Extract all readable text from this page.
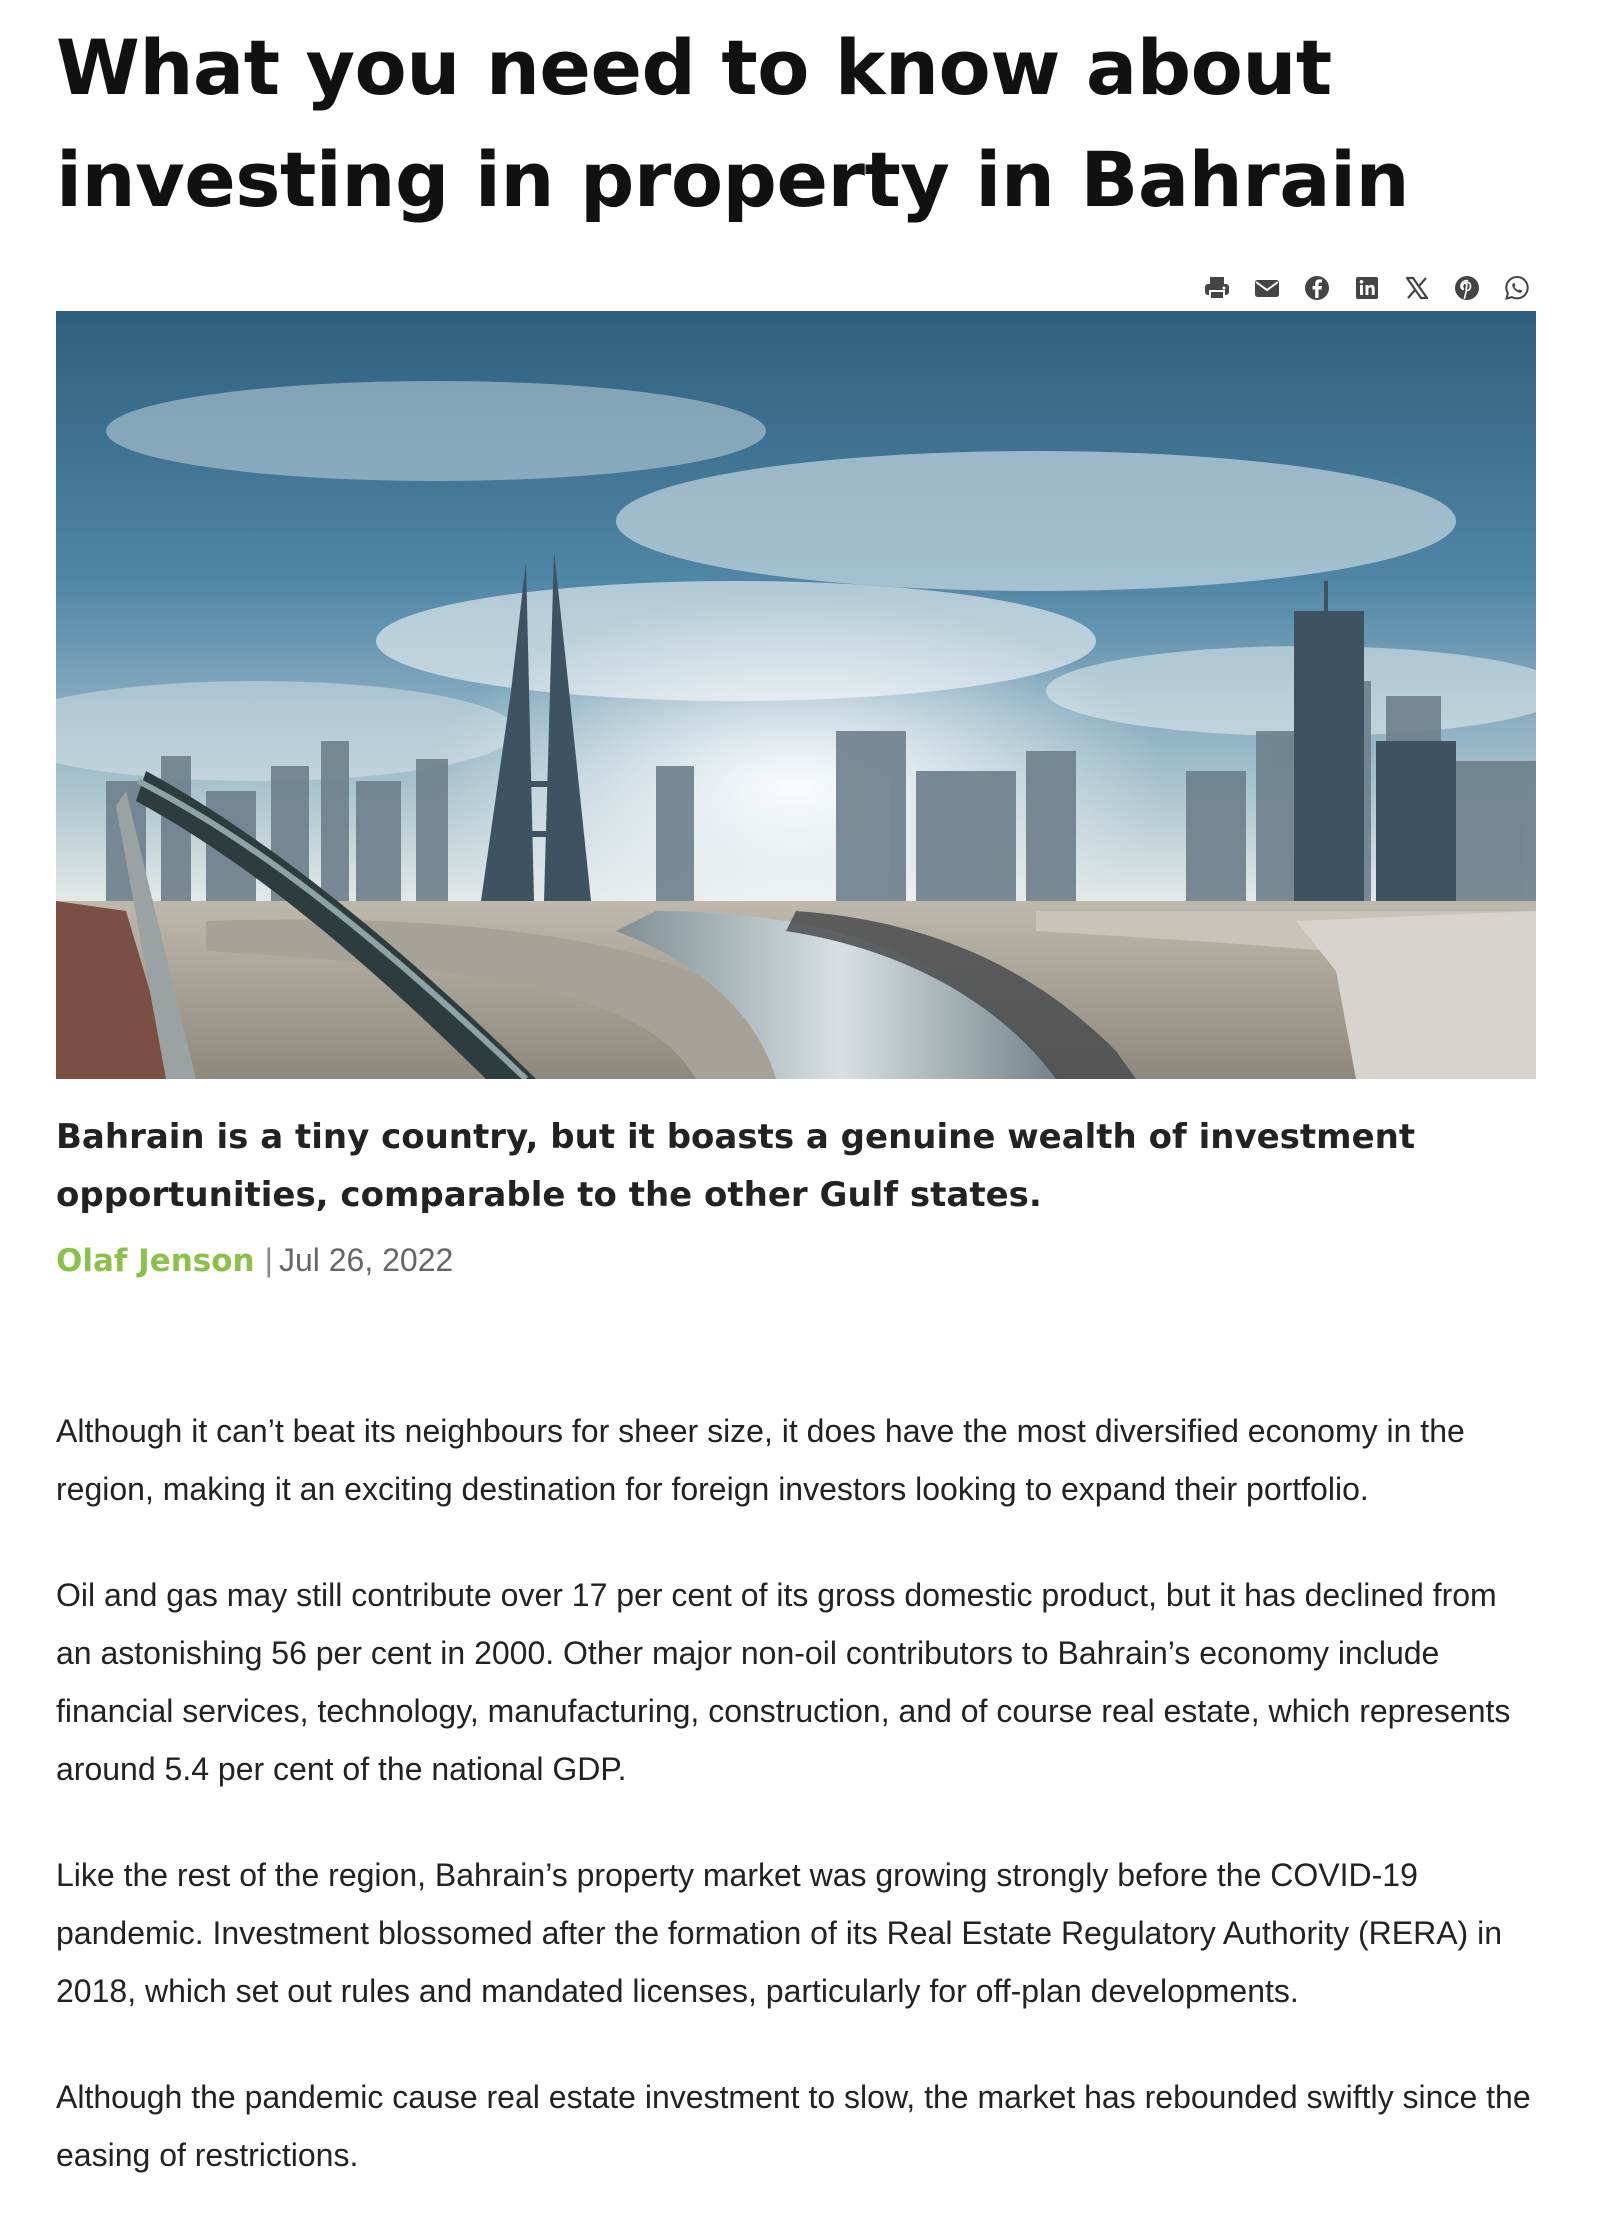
What you need to know about investing in property in Bahrain

Bahrain is a tiny country, but it boasts a genuine wealth of investment opportunities, comparable to the other Gulf states.

Olaf Jenson | Jul 26, 2022

Although it can’t beat its neighbours for sheer size, it does have the most diversified economy in the region, making it an exciting destination for foreign investors looking to expand their portfolio.

Oil and gas may still contribute over 17 per cent of its gross domestic product, but it has declined from an astonishing 56 per cent in 2000. Other major non-oil contributors to Bahrain’s economy include financial services, technology, manufacturing, construction, and of course real estate, which represents around 5.4 per cent of the national GDP.

Like the rest of the region, Bahrain’s property market was growing strongly before the COVID-19 pandemic. Investment blossomed after the formation of its Real Estate Regulatory Authority (RERA) in 2018, which set out rules and mandated licenses, particularly for off-plan developments.

Although the pandemic cause real estate investment to slow, the market has rebounded swiftly since the easing of restrictions.
